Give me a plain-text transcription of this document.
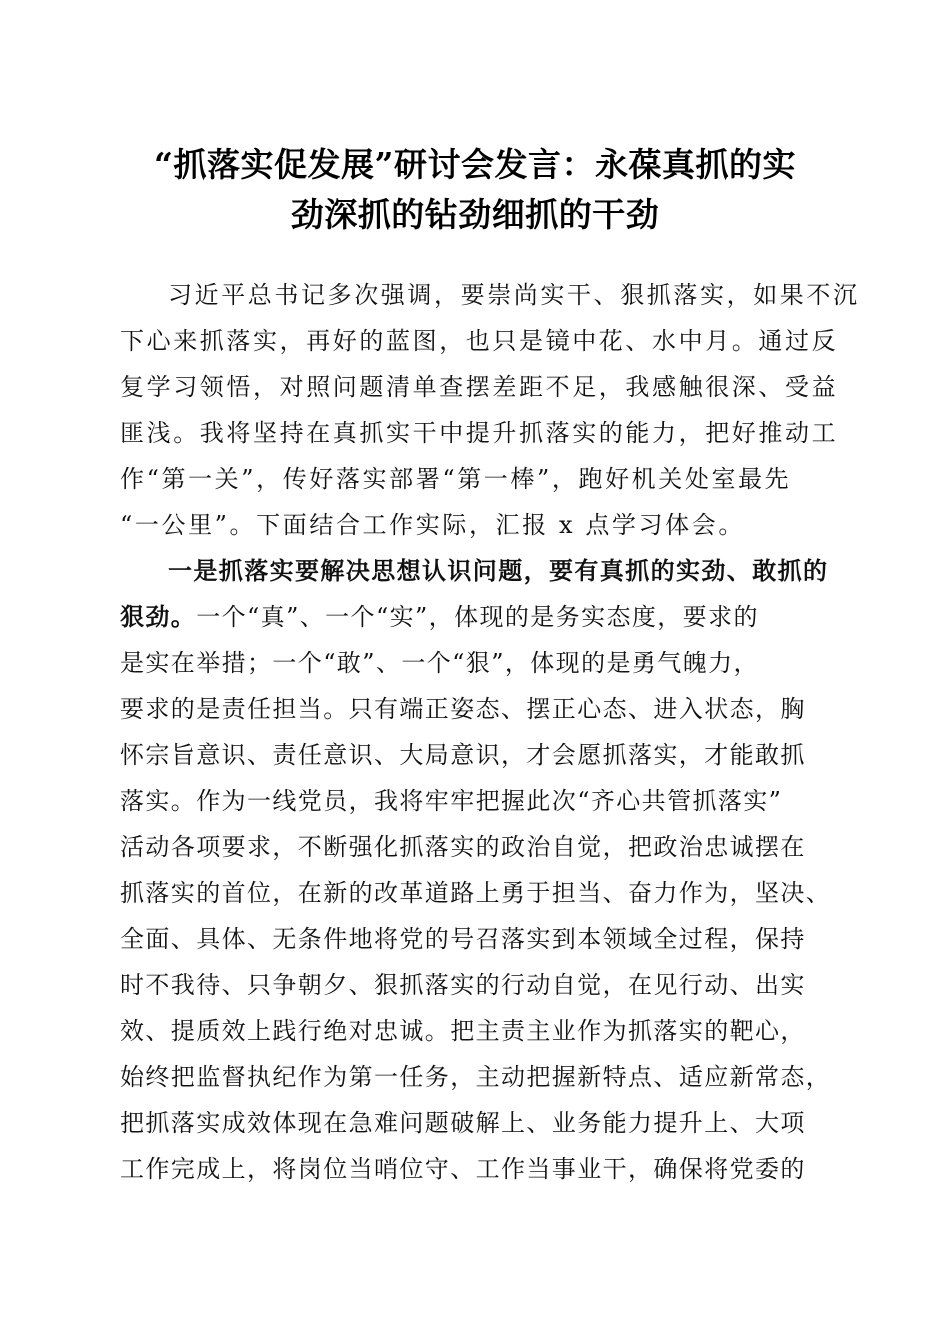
“抓落实促发展”研讨会发言：永葆真抓的实
劲深抓的钻劲细抓的干劲
习近平总书记多次强调，要崇尚实干、狠抓落实，如果不沉
下心来抓落实，再好的蓝图，也只是镜中花、水中月。通过反
复学习领悟，对照问题清单查摆差距不足，我感触很深、受益
匪浅。我将坚持在真抓实干中提升抓落实的能力，把好推动工
作“第一关”，传好落实部署“第一棒”，跑好机关处室最先
“一公里”。下面结合工作实际，汇报 x 点学习体会。
一是抓落实要解决思想认识问题，要有真抓的实劲、敢抓的
狠劲。一个“真”、一个“实”，体现的是务实态度，要求的
是实在举措；一个“敢”、一个“狠”，体现的是勇气魄力，
要求的是责任担当。只有端正姿态、摆正心态、进入状态，胸
怀宗旨意识、责任意识、大局意识，才会愿抓落实，才能敢抓
落实。作为一线党员，我将牢牢把握此次“齐心共管抓落实”
活动各项要求，不断强化抓落实的政治自觉，把政治忠诚摆在
抓落实的首位，在新的改革道路上勇于担当、奋力作为，坚决、
全面、具体、无条件地将党的号召落实到本领域全过程，保持
时不我待、只争朝夕、狠抓落实的行动自觉，在见行动、出实
效、提质效上践行绝对忠诚。把主责主业作为抓落实的靶心，
始终把监督执纪作为第一任务，主动把握新特点、适应新常态，
把抓落实成效体现在急难问题破解上、业务能力提升上、大项
工作完成上，将岗位当哨位守、工作当事业干，确保将党委的
